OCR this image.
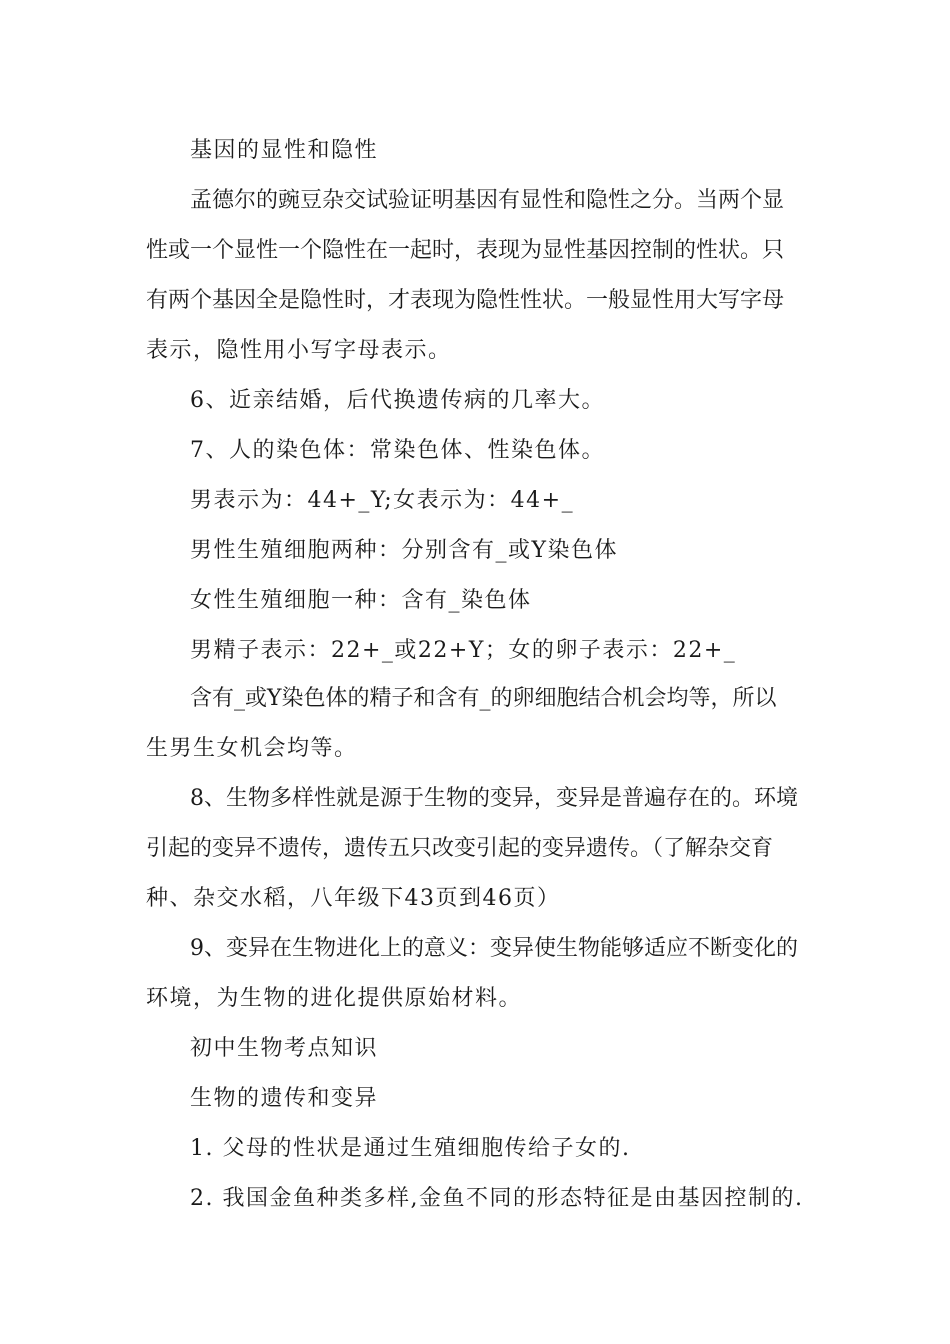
基因的显性和隐性
孟德尔的豌豆杂交试验证明基因有显性和隐性之分。当两个显
性或一个显性一个隐性在一起时，表现为显性基因控制的性状。只
有两个基因全是隐性时，才表现为隐性性状。一般显性用大写字母
表示，隐性用小写字母表示。
6、近亲结婚，后代换遗传病的几率大。
7、人的染色体：常染色体、性染色体。
男表示为：44+_Y;女表示为：44+_
男性生殖细胞两种：分别含有_或Y染色体
女性生殖细胞一种：含有_染色体
男精子表示：22+_或22+Y；女的卵子表示：22+_
含有_或Y染色体的精子和含有_的卵细胞结合机会均等，所以
生男生女机会均等。
8、生物多样性就是源于生物的变异，变异是普遍存在的。环境
引起的变异不遗传，遗传五只改变引起的变异遗传。（了解杂交育
种、杂交水稻，八年级下43页到46页）
9、变异在生物进化上的意义：变异使生物能够适应不断变化的
环境，为生物的进化提供原始材料。
初中生物考点知识
生物的遗传和变异
1. 父母的性状是通过生殖细胞传给子女的.
2. 我国金鱼种类多样,金鱼不同的形态特征是由基因控制的.
